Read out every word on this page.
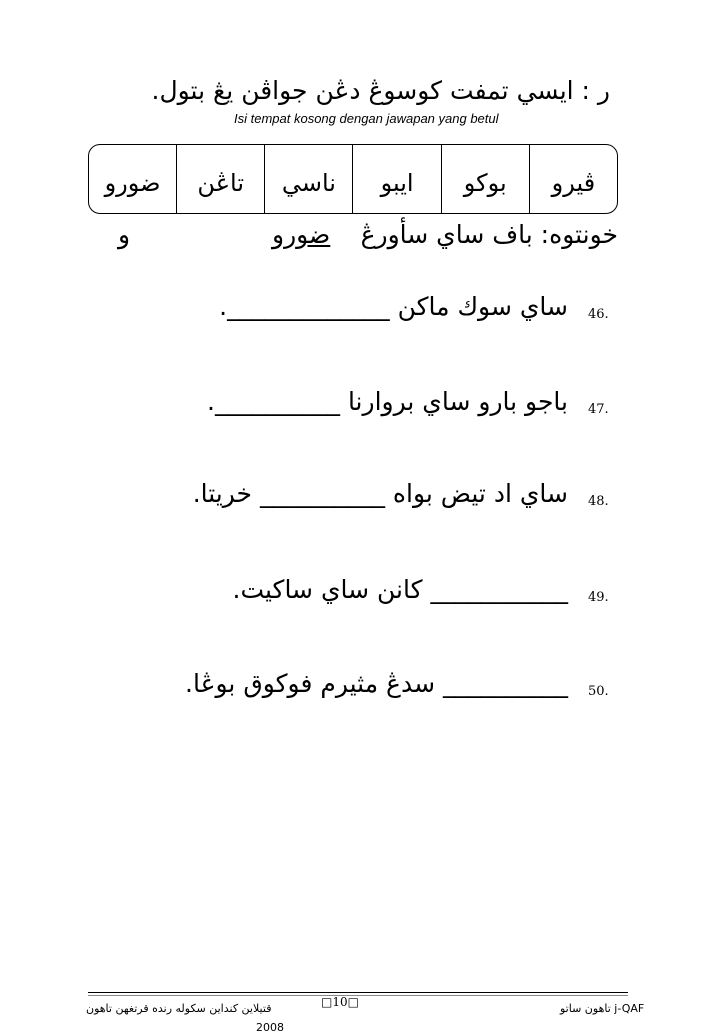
ر : ايسي تمفت كوسوڠ دڠن جواڤن يڠ بتول.
Isi tempat kosong dengan jawapan yang betul
ڤيرو
بوكو
ايبو
ناسي
تاڠن
ضورو
خونتوه: باف ساي سأورڠ
ضورو
و
46.
ساي سوك ماكن _____________.
47.
باجو بارو ساي بروارنا __________.
48.
ساي اد تيض بواه __________ خريتا.
49.
___________ كانن ساي ساكيت.
50.
__________ سدڠ مثيرم فوكوق بوڠا.
قتيلاين كنداين سكوله رنده قرتغهن تاهون	□10□	j-QAF تاهون ساتو
2008
